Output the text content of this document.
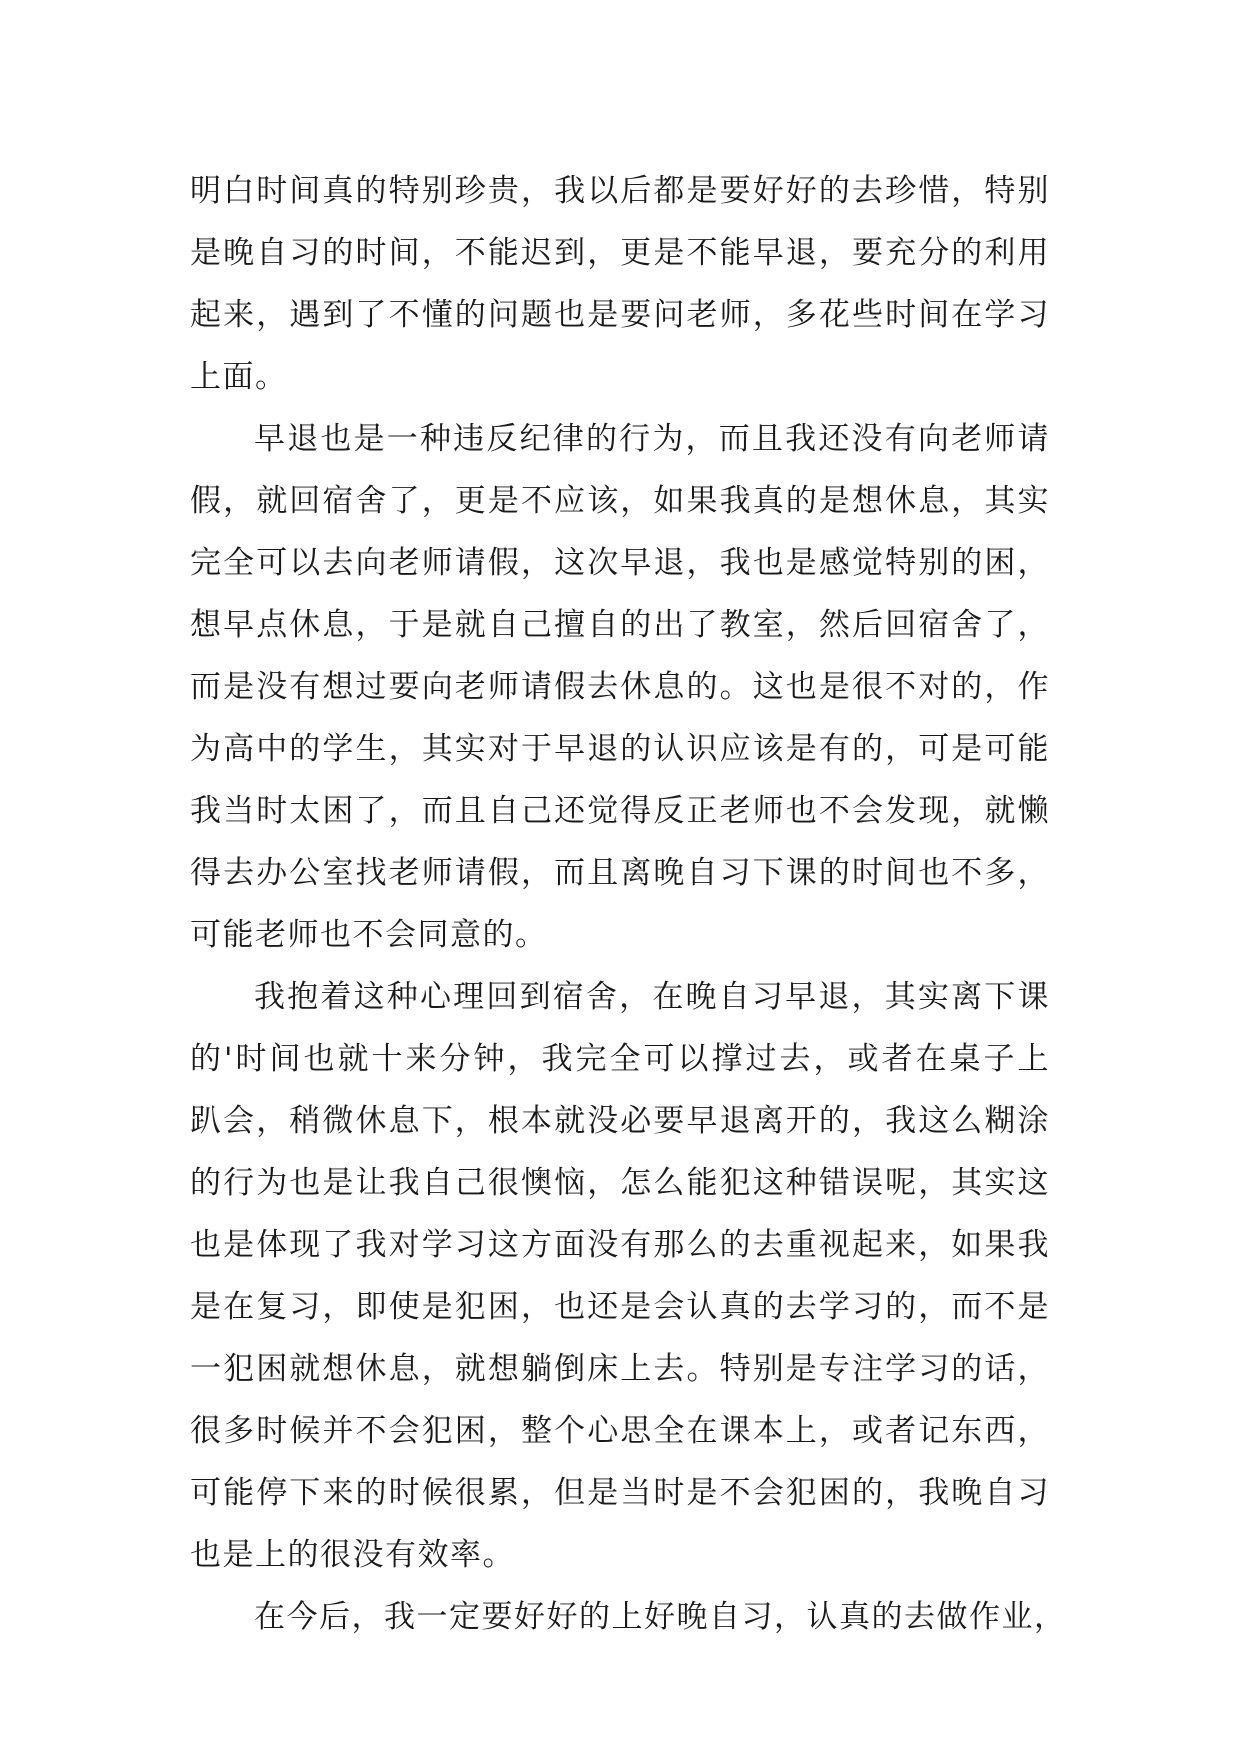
明白时间真的特别珍贵，我以后都是要好好的去珍惜，特别
是晚自习的时间，不能迟到，更是不能早退，要充分的利用
起来，遇到了不懂的问题也是要问老师，多花些时间在学习
上面。
早退也是一种违反纪律的行为，而且我还没有向老师请
假，就回宿舍了，更是不应该，如果我真的是想休息，其实
完全可以去向老师请假，这次早退，我也是感觉特别的困，
想早点休息，于是就自己擅自的出了教室，然后回宿舍了，
而是没有想过要向老师请假去休息的。这也是很不对的，作
为高中的学生，其实对于早退的认识应该是有的，可是可能
我当时太困了，而且自己还觉得反正老师也不会发现，就懒
得去办公室找老师请假，而且离晚自习下课的时间也不多，
可能老师也不会同意的。
我抱着这种心理回到宿舍，在晚自习早退，其实离下课
的'时间也就十来分钟，我完全可以撑过去，或者在桌子上
趴会，稍微休息下，根本就没必要早退离开的，我这么糊涂
的行为也是让我自己很懊恼，怎么能犯这种错误呢，其实这
也是体现了我对学习这方面没有那么的去重视起来，如果我
是在复习，即使是犯困，也还是会认真的去学习的，而不是
一犯困就想休息，就想躺倒床上去。特别是专注学习的话，
很多时候并不会犯困，整个心思全在课本上，或者记东西，
可能停下来的时候很累，但是当时是不会犯困的，我晚自习
也是上的很没有效率。
在今后，我一定要好好的上好晚自习，认真的去做作业，
